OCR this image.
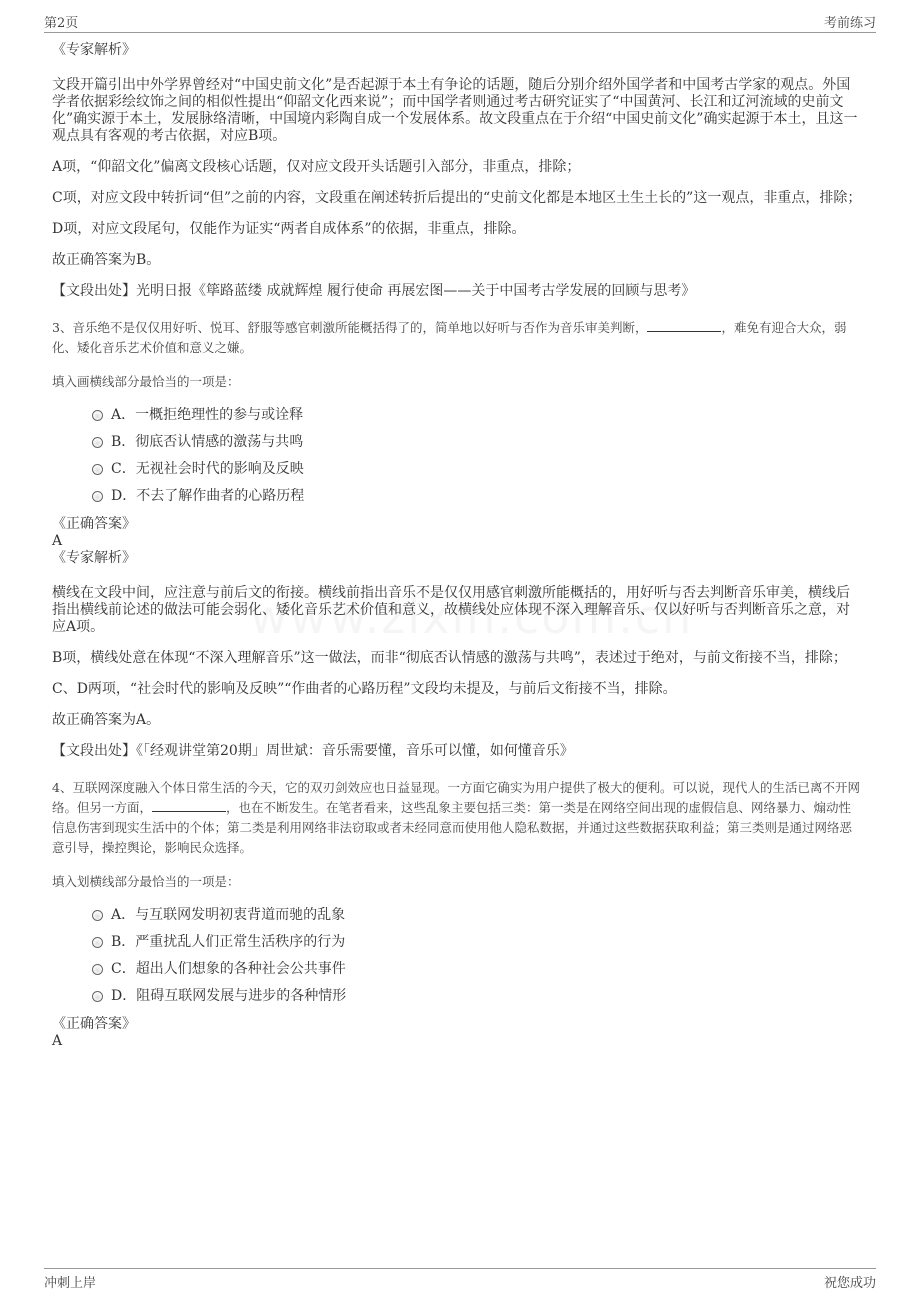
第2页	考前练习

《专家解析》

文段开篇引出中外学界曾经对“中国史前文化”是否起源于本土有争论的话题，随后分别介绍外国学者和中国考古学家的观点。外国学者依据彩绘纹饰之间的相似性提出“仰韶文化西来说”；而中国学者则通过考古研究证实了“中国黄河、长江和辽河流域的史前文化”确实源于本土，发展脉络清晰，中国境内彩陶自成一个发展体系。故文段重点在于介绍“中国史前文化”确实起源于本土，且这一观点具有客观的考古依据，对应B项。

A项，“仰韶文化”偏离文段核心话题，仅对应文段开头话题引入部分，非重点，排除；

C项，对应文段中转折词“但”之前的内容，文段重在阐述转折后提出的“史前文化都是本地区土生土长的”这一观点，非重点，排除；

D项，对应文段尾句，仅能作为证实“两者自成体系”的依据，非重点，排除。

故正确答案为B。

【文段出处】光明日报《筚路蓝缕 成就辉煌 履行使命 再展宏图——关于中国考古学发展的回顾与思考》

3、音乐绝不是仅仅用好听、悦耳、舒服等感官刺激所能概括得了的，简单地以好听与否作为音乐审美判断，	，难免有迎合大众，弱化、矮化音乐艺术价值和意义之嫌。

填入画横线部分最恰当的一项是：

A．一概拒绝理性的参与或诠释
B．彻底否认情感的激荡与共鸣
C．无视社会时代的影响及反映
D．不去了解作曲者的心路历程

《正确答案》

A

《专家解析》

横线在文段中间，应注意与前后文的衔接。横线前指出音乐不是仅仅用感官刺激所能概括的，用好听与否去判断音乐审美，横线后指出横线前论述的做法可能会弱化、矮化音乐艺术价值和意义，故横线处应体现不深入理解音乐、仅以好听与否判断音乐之意，对应A项。

B项，横线处意在体现“不深入理解音乐”这一做法，而非“彻底否认情感的激荡与共鸣”，表述过于绝对，与前文衔接不当，排除；

C、D两项，“社会时代的影响及反映”“作曲者的心路历程”文段均未提及，与前后文衔接不当，排除。

故正确答案为A。

【文段出处】《「经观讲堂第20期」周世斌：音乐需要懂，音乐可以懂，如何懂音乐》

4、互联网深度融入个体日常生活的今天，它的双刃剑效应也日益显现。一方面它确实为用户提供了极大的便利。可以说，现代人的生活已离不开网络。但另一方面，	，也在不断发生。在笔者看来，这些乱象主要包括三类：第一类是在网络空间出现的虚假信息、网络暴力、煽动性信息伤害到现实生活中的个体；第二类是利用网络非法窃取或者未经同意而使用他人隐私数据，并通过这些数据获取利益；第三类则是通过网络恶意引导，操控舆论，影响民众选择。

填入划横线部分最恰当的一项是：

A．与互联网发明初衷背道而驰的乱象
B．严重扰乱人们正常生活秩序的行为
C．超出人们想象的各种社会公共事件
D．阻碍互联网发展与进步的各种情形

《正确答案》

A

冲刺上岸	祝您成功
